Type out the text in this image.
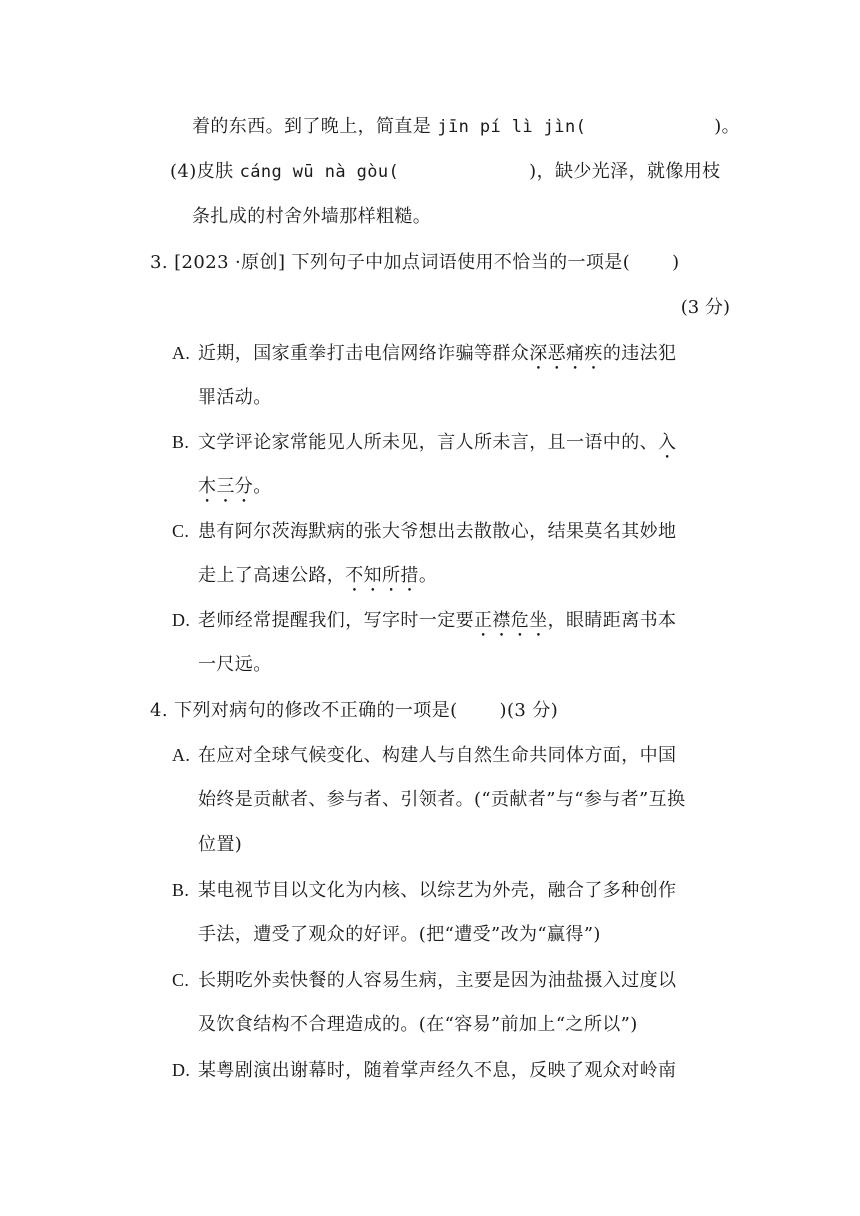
着的东西。到了晚上，简直是 jīn pí lì jìn(	)。
(4)皮肤 cáng wū nà gòu(	)，缺少光泽，就像用枝
条扎成的村舍外墙那样粗糙。
3. [2023 ·原创] 下列句子中加点词语使用不恰当的一项是( )
(3 分)
A. 近期，国家重拳打击电信网络诈骗等群众深恶痛疾的违法犯
罪活动。
B. 文学评论家常能见人所未见，言人所未言，且一语中的、入
木三分。
C. 患有阿尔茨海默病的张大爷想出去散散心，结果莫名其妙地
走上了高速公路，不知所措。
D. 老师经常提醒我们，写字时一定要正襟危坐，眼睛距离书本
一尺远。
4. 下列对病句的修改不正确的一项是( )(3 分)
A. 在应对全球气候变化、构建人与自然生命共同体方面，中国
始终是贡献者、参与者、引领者。(“贡献者”与“参与者”互换
位置)
B. 某电视节目以文化为内核、以综艺为外壳，融合了多种创作
手法，遭受了观众的好评。(把“遭受”改为“赢得”)
C. 长期吃外卖快餐的人容易生病，主要是因为油盐摄入过度以
及饮食结构不合理造成的。(在“容易”前加上“之所以”)
D. 某粤剧演出谢幕时，随着掌声经久不息，反映了观众对岭南
